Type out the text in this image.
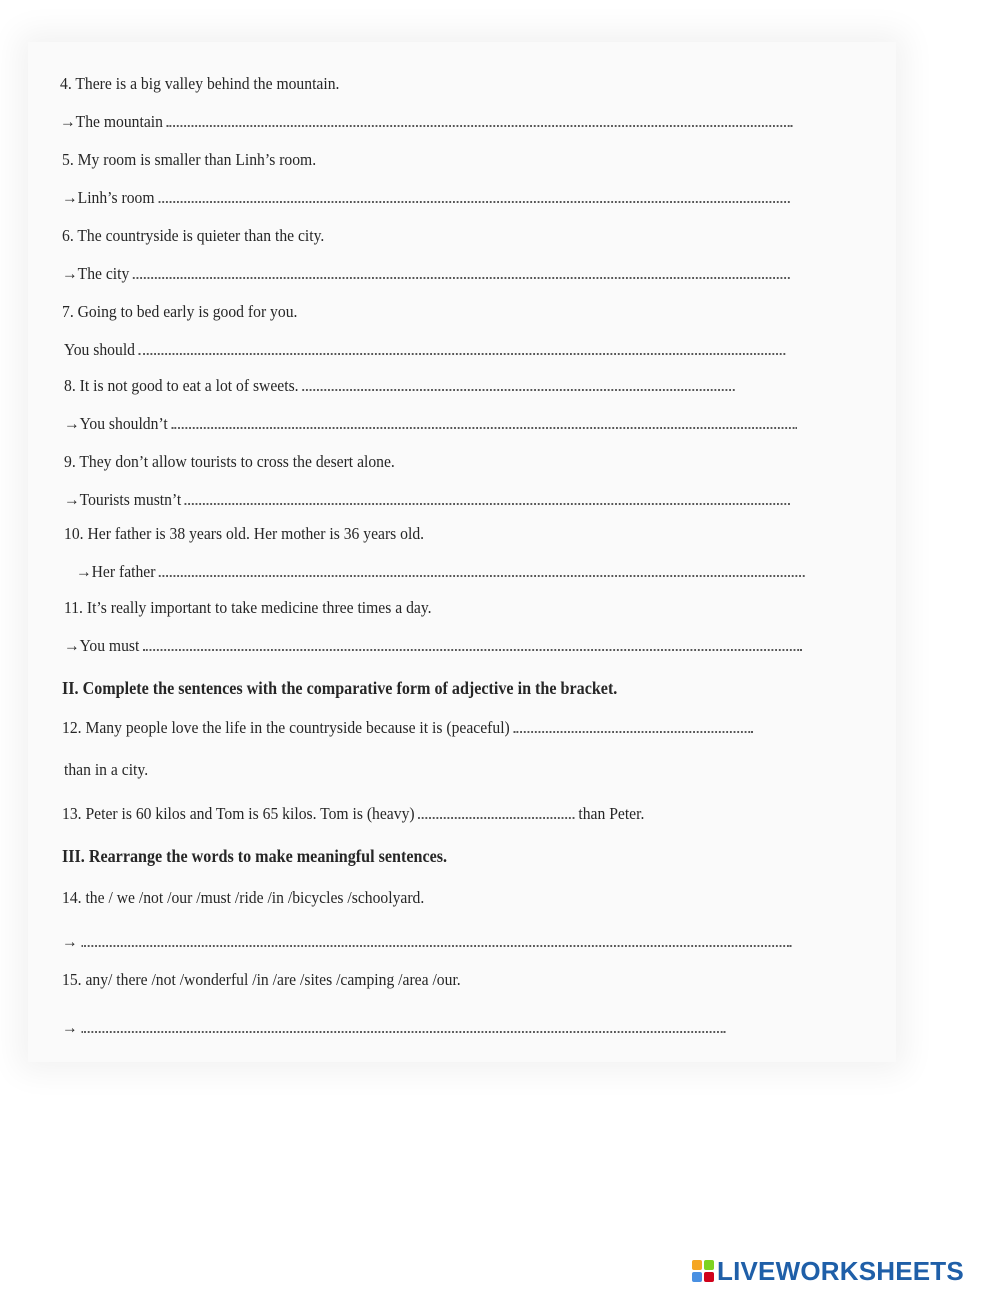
4. There is a big valley behind the mountain.
→The mountain
5. My room is smaller than Linh’s room.
→Linh’s room
6. The countryside is quieter than the city.
→The city
7. Going to bed early is good for you.
You should
8. It is not good to eat a lot of sweets.
→You shouldn’t
9. They don’t allow tourists to cross the desert alone.
→Tourists mustn’t
10. Her father is 38 years old. Her mother is 36 years old.
→Her father
11. It’s really important to take medicine three times a day.
→You must
II. Complete the sentences with the comparative form of adjective in the bracket.
12. Many people love the life in the countryside because it is (peaceful)
than in a city.
13. Peter is 60 kilos and Tom is 65 kilos. Tom is (heavy)	than Peter.
III. Rearrange the words to make meaningful sentences.
14. the / we /not /our /must /ride /in /bicycles /schoolyard.
→
15. any/ there /not /wonderful /in /are /sites /camping /area /our.
→
LIVEWORKSHEETS
